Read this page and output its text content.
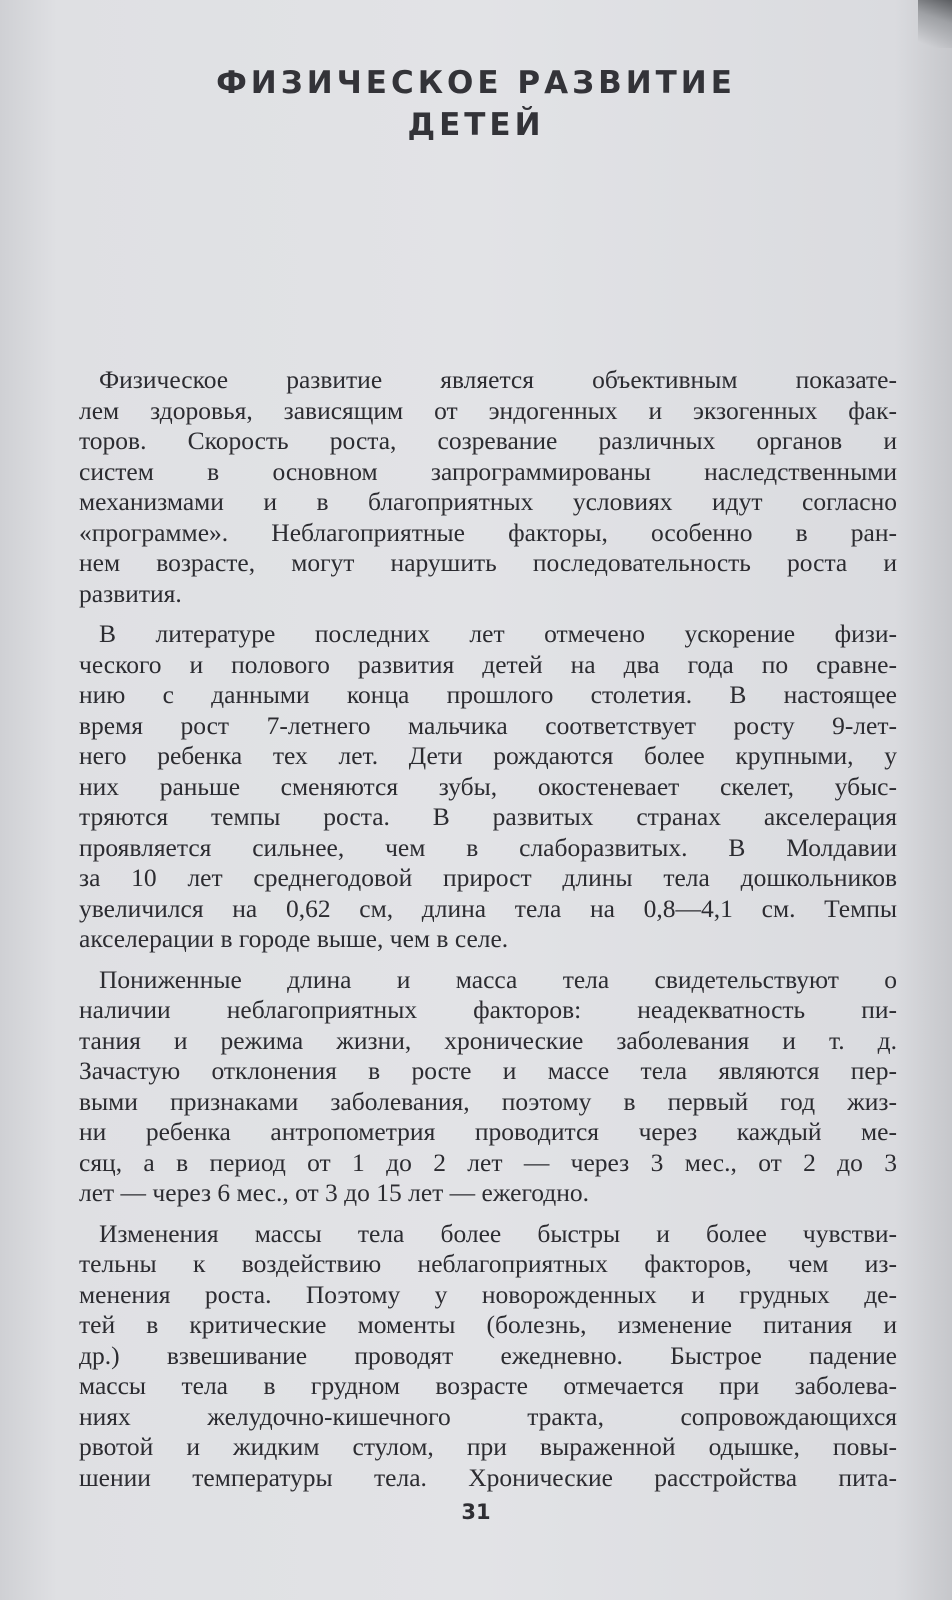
ФИЗИЧЕСКОЕ РАЗВИТИЕ
ДЕТЕЙ

Физическое развитие является объективным показате-
лем здоровья, зависящим от эндогенных и экзогенных фак-
торов. Скорость роста, созревание различных органов и
систем в основном запрограммированы наследственными
механизмами и в благоприятных условиях идут согласно
«программе». Неблагоприятные факторы, особенно в ран-
нем возрасте, могут нарушить последовательность роста и
развития.

В литературе последних лет отмечено ускорение физи-
ческого и полового развития детей на два года по сравне-
нию с данными конца прошлого столетия. В настоящее
время рост 7-летнего мальчика соответствует росту 9-лет-
него ребенка тех лет. Дети рождаются более крупными, у
них раньше сменяются зубы, окостеневает скелет, убыс-
тряются темпы роста. В развитых странах акселерация
проявляется сильнее, чем в слаборазвитых. В Молдавии
за 10 лет среднегодовой прирост длины тела дошкольников
увеличился на 0,62 см, длина тела на 0,8—4,1 см. Темпы
акселерации в городе выше, чем в селе.

Пониженные длина и масса тела свидетельствуют о
наличии неблагоприятных факторов: неадекватность пи-
тания и режима жизни, хронические заболевания и т. д.
Зачастую отклонения в росте и массе тела являются пер-
выми признаками заболевания, поэтому в первый год жиз-
ни ребенка антропометрия проводится через каждый ме-
сяц, а в период от 1 до 2 лет — через 3 мес., от 2 до 3
лет — через 6 мес., от 3 до 15 лет — ежегодно.

Изменения массы тела более быстры и более чувстви-
тельны к воздействию неблагоприятных факторов, чем из-
менения роста. Поэтому у новорожденных и грудных де-
тей в критические моменты (болезнь, изменение питания и
др.) взвешивание проводят ежедневно. Быстрое падение
массы тела в грудном возрасте отмечается при заболева-
ниях желудочно-кишечного тракта, сопровождающихся
рвотой и жидким стулом, при выраженной одышке, повы-
шении температуры тела. Хронические расстройства пита-

31
